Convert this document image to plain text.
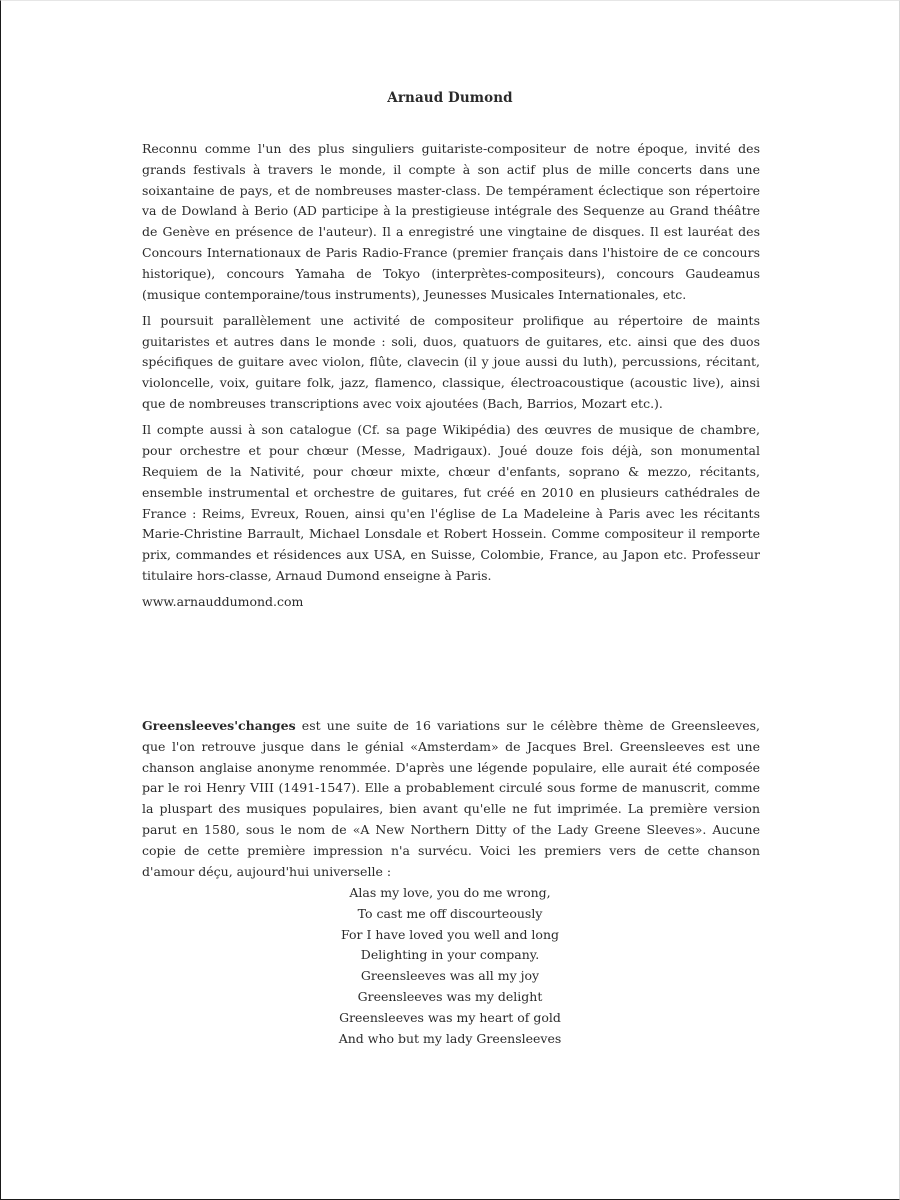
Arnaud Dumond

Reconnu comme l'un des plus singuliers guitariste-compositeur de notre époque, invité des grands festivals à travers le monde, il compte à son actif plus de mille concerts dans une soixantaine de pays, et de nombreuses master-class. De tempérament éclectique son répertoire va de Dowland à Berio (AD participe à la prestigieuse intégrale des Sequenze au Grand théâtre de Genève en présence de l'auteur). Il a enregistré une vingtaine de disques. Il est lauréat des Concours Internationaux de Paris Radio-France (premier français dans l'histoire de ce concours historique), concours Yamaha de Tokyo (interprètes-compositeurs), concours Gaudeamus (musique contemporaine/tous instruments), Jeunesses Musicales Internationales, etc.

Il poursuit parallèlement une activité de compositeur prolifique au répertoire de maints guitaristes et autres dans le monde : soli, duos, quatuors de guitares, etc. ainsi que des duos spécifiques de guitare avec violon, flûte, clavecin (il y joue aussi du luth), percussions, récitant, violoncelle, voix, guitare folk, jazz, flamenco, classique, électroacoustique (acoustic live), ainsi que de nombreuses transcriptions avec voix ajoutées (Bach, Barrios, Mozart etc.).

Il compte aussi à son catalogue (Cf. sa page Wikipédia) des œuvres de musique de chambre, pour orchestre et pour chœur (Messe, Madrigaux). Joué douze fois déjà, son monumental Requiem de la Nativité, pour chœur mixte, chœur d'enfants, soprano & mezzo, récitants, ensemble instrumental et orchestre de guitares, fut créé en 2010 en plusieurs cathédrales de France : Reims, Evreux, Rouen, ainsi qu'en l'église de La Madeleine à Paris avec les récitants Marie-Christine Barrault, Michael Lonsdale et Robert Hossein. Comme compositeur il remporte prix, commandes et résidences aux USA, en Suisse, Colombie, France, au Japon etc. Professeur titulaire hors-classe, Arnaud Dumond enseigne à Paris.

www.arnauddumond.com

Greensleeves'changes est une suite de 16 variations sur le célèbre thème de Greensleeves, que l'on retrouve jusque dans le génial «Amsterdam» de Jacques Brel. Greensleeves est une chanson anglaise anonyme renommée. D'après une légende populaire, elle aurait été composée par le roi Henry VIII (1491-1547). Elle a probablement circulé sous forme de manuscrit, comme la pluspart des musiques populaires, bien avant qu'elle ne fut imprimée. La première version parut en 1580, sous le nom de «A New Northern Ditty of the Lady Greene Sleeves». Aucune copie de cette première impression n'a survécu. Voici les premiers vers de cette chanson d'amour déçu, aujourd'hui universelle :

Alas my love, you do me wrong,
To cast me off discourteously
For I have loved you well and long
Delighting in your company.
Greensleeves was all my joy
Greensleeves was my delight
Greensleeves was my heart of gold
And who but my lady Greensleeves
